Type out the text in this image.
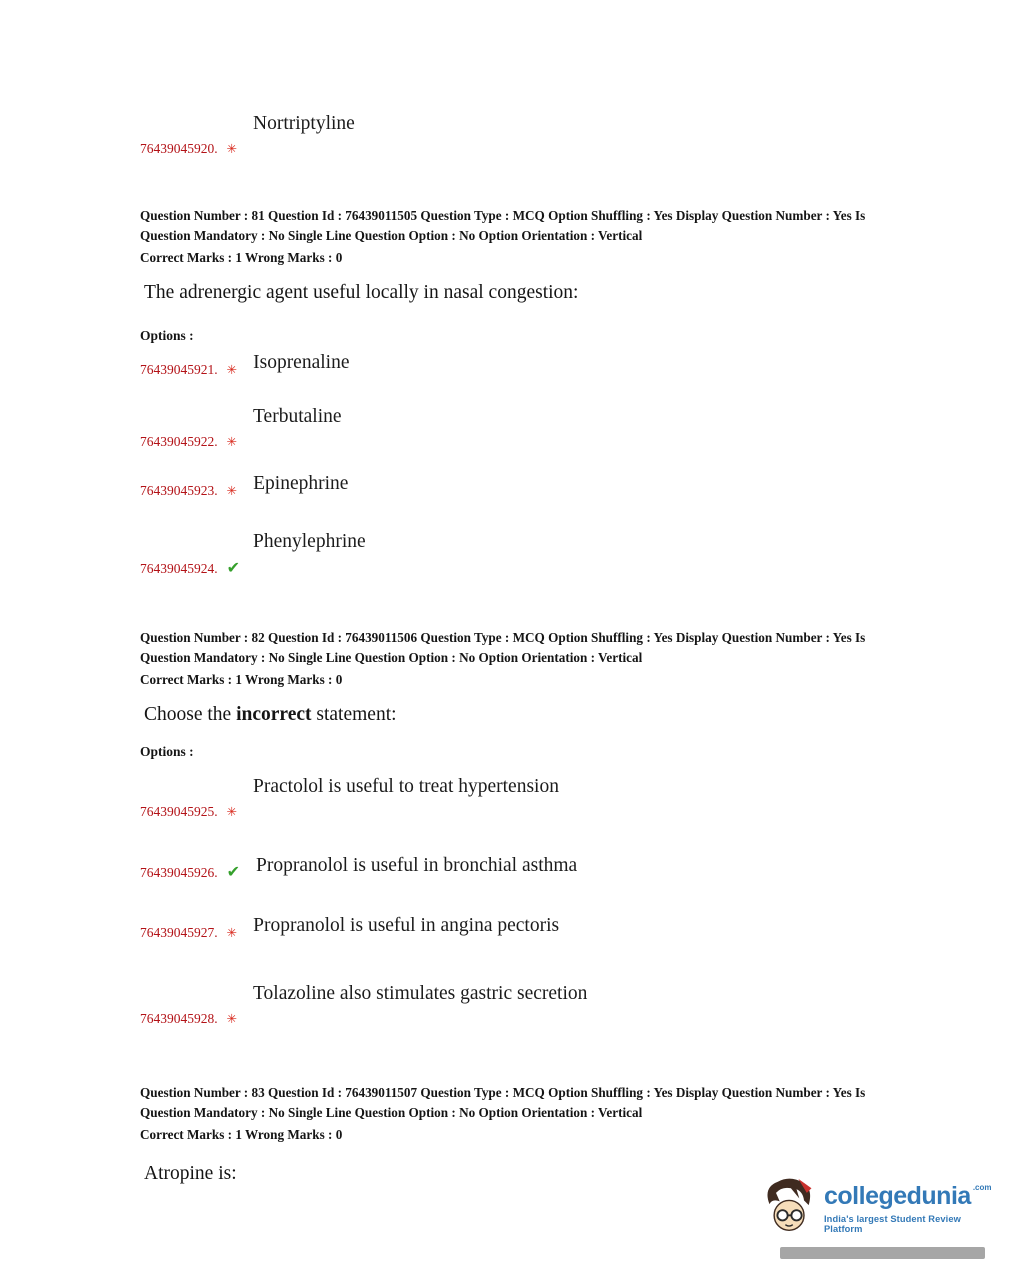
Nortriptyline
76439045920. ✳

Question Number : 81 Question Id : 76439011505 Question Type : MCQ Option Shuffling : Yes Display Question Number : Yes Is Question Mandatory : No Single Line Question Option : No Option Orientation : Vertical

Correct Marks : 1 Wrong Marks : 0

The adrenergic agent useful locally in nasal congestion:

Options :

76439045921. ✳ Isoprenaline
Terbutaline
76439045922. ✳
76439045923. ✳ Epinephrine
Phenylephrine
76439045924. ✔

Question Number : 82 Question Id : 76439011506 Question Type : MCQ Option Shuffling : Yes Display Question Number : Yes Is Question Mandatory : No Single Line Question Option : No Option Orientation : Vertical

Correct Marks : 1 Wrong Marks : 0

Choose the incorrect statement:

Options :

Practolol is useful to treat hypertension
76439045925. ✳
76439045926. ✔ Propranolol is useful in bronchial asthma
76439045927. ✳ Propranolol is useful in angina pectoris
Tolazoline also stimulates gastric secretion
76439045928. ✳

Question Number : 83 Question Id : 76439011507 Question Type : MCQ Option Shuffling : Yes Display Question Number : Yes Is Question Mandatory : No Single Line Question Option : No Option Orientation : Vertical

Correct Marks : 1 Wrong Marks : 0

Atropine is:

collegedunia .com
India's largest Student Review Platform
